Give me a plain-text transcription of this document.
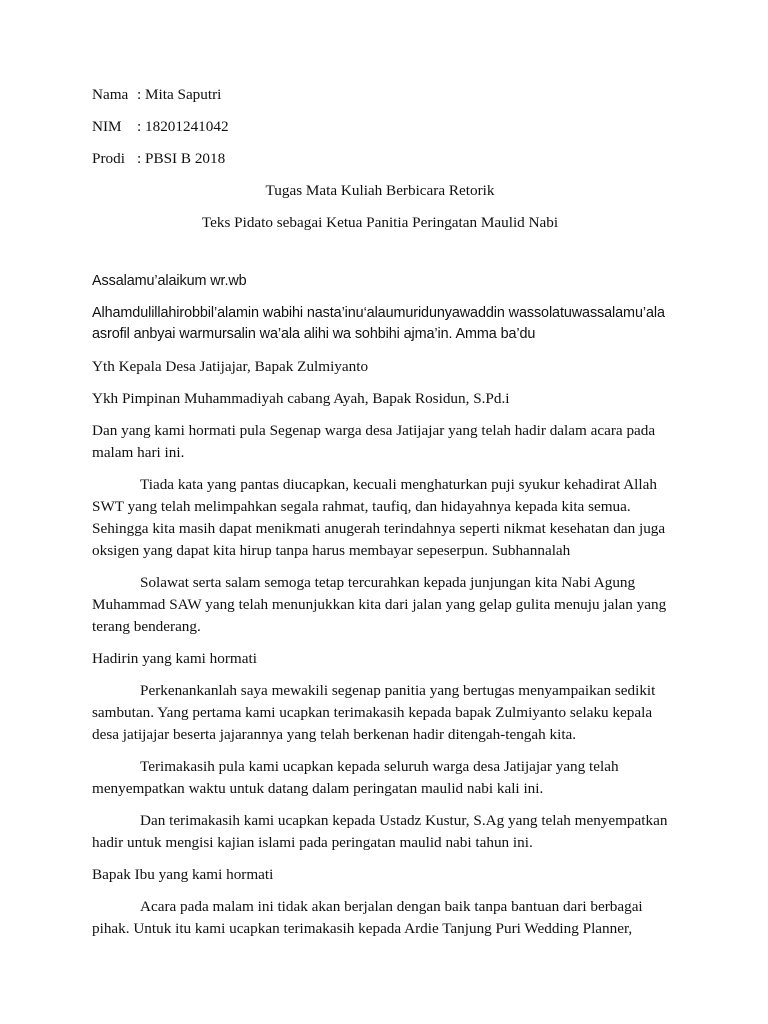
Nama : Mita Saputri
NIM	: 18201241042
Prodi : PBSI B 2018
Tugas Mata Kuliah Berbicara Retorik
Teks Pidato sebagai Ketua Panitia Peringatan Maulid Nabi

Assalamu’alaikum wr.wb

Alhamdulillahirobbil’alamin wabihi nasta’inu‘alaumuridunyawaddin wassolatuwassalamu’ala asrofil anbyai warmursalin wa’ala alihi wa sohbihi ajma’in. Amma ba’du

Yth Kepala Desa Jatijajar, Bapak Zulmiyanto

Ykh Pimpinan Muhammadiyah cabang Ayah, Bapak Rosidun, S.Pd.i

Dan yang kami hormati pula Segenap warga desa Jatijajar yang telah hadir dalam acara pada malam hari ini.

Tiada kata yang pantas diucapkan, kecuali menghaturkan puji syukur kehadirat Allah SWT yang telah melimpahkan segala rahmat, taufiq, dan hidayahnya kepada kita semua. Sehingga kita masih dapat menikmati anugerah terindahnya seperti nikmat kesehatan dan juga oksigen yang dapat kita hirup tanpa harus membayar sepeserpun. Subhannalah

Solawat serta salam semoga tetap tercurahkan kepada junjungan kita Nabi Agung Muhammad SAW yang telah menunjukkan kita dari jalan yang gelap gulita menuju jalan yang terang benderang.

Hadirin yang kami hormati

Perkenankanlah saya mewakili segenap panitia yang bertugas menyampaikan sedikit sambutan. Yang pertama kami ucapkan terimakasih kepada bapak Zulmiyanto selaku kepala desa jatijajar beserta jajarannya yang telah berkenan hadir ditengah-tengah kita.

Terimakasih pula kami ucapkan kepada seluruh warga desa Jatijajar yang telah menyempatkan waktu untuk datang dalam peringatan maulid nabi kali ini.

Dan terimakasih kami ucapkan kepada Ustadz Kustur, S.Ag yang telah menyempatkan hadir untuk mengisi kajian islami pada peringatan maulid nabi tahun ini.

Bapak Ibu yang kami hormati

Acara pada malam ini tidak akan berjalan dengan baik tanpa bantuan dari berbagai pihak. Untuk itu kami ucapkan terimakasih kepada Ardie Tanjung Puri Wedding Planner,
